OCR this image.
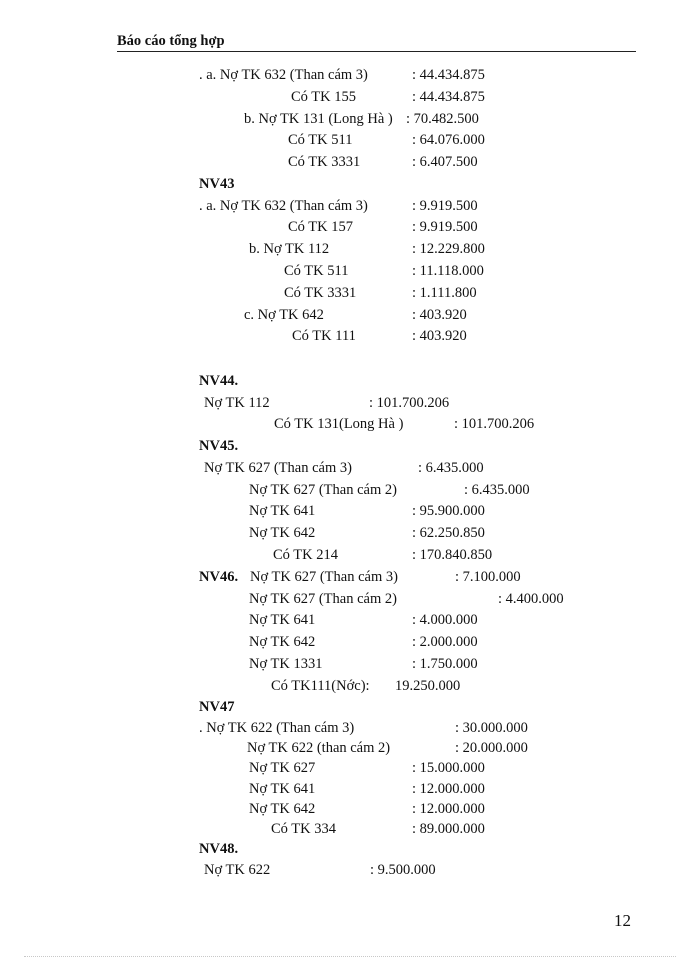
Báo cáo tổng hợp
. a. Nợ TK 632 (Than cám 3)	: 44.434.875
Có TK 155	: 44.434.875
b. Nợ TK 131 (Long Hà ) : 70.482.500
Có TK 511	: 64.076.000
Có TK 3331	: 6.407.500
NV43
. a. Nợ TK 632 (Than cám 3)	: 9.919.500
Có TK 157	: 9.919.500
b. Nợ TK 112	: 12.229.800
Có TK 511	: 11.118.000
Có TK 3331	: 1.111.800
c. Nợ TK 642	: 403.920
Có TK 111	: 403.920
NV44.
Nợ TK 112	: 101.700.206
Có TK 131(Long Hà )	: 101.700.206
NV45.
Nợ TK 627 (Than cám 3)	: 6.435.000
Nợ TK 627 (Than cám 2)	: 6.435.000
Nợ TK 641	: 95.900.000
Nợ TK 642	: 62.250.850
Có TK 214	: 170.840.850
NV46. Nợ TK 627 (Than cám 3)	: 7.100.000
Nợ TK 627 (Than cám 2)	: 4.400.000
Nợ TK 641	: 4.000.000
Nợ TK 642	: 2.000.000
Nợ TK 1331	: 1.750.000
Có TK111(Nớc): 19.250.000
NV47
. Nợ TK 622 (Than cám 3)	: 30.000.000
Nợ TK 622 (than cám 2)	: 20.000.000
Nợ TK 627	: 15.000.000
Nợ TK 641	: 12.000.000
Nợ TK 642	: 12.000.000
Có TK 334	: 89.000.000
NV48.
Nợ TK 622	: 9.500.000
12
